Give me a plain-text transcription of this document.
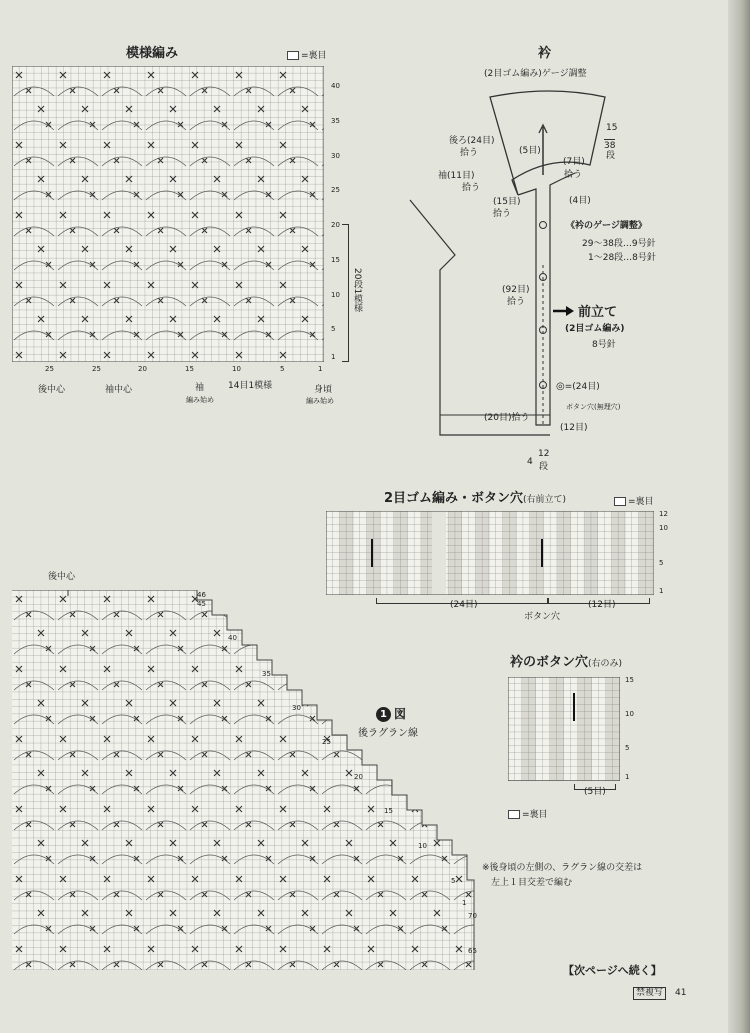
模様編み	=裏目
40
35
30
25
20
15
10
5
1
20段1模様
25	25	20	15	10	5	1
後中心	袖中心	袖
編み始め
14目1模様	身頃
編み始め
衿
(2目ゴム編み)ゲージ調整
後ろ(24目)
拾う
袖(11目)
拾う
(5目)
(7目)
拾う
(4目)
(15目)
拾う
15
38
段
《衿のゲージ調整》
29〜38段…9号針
1〜28段…8号針
(92目)
拾う
前立て
(2目ゴム編み)
8号針
◎=(24目)
ボタン穴(無理穴)
(20目)拾う
(12目)
4
12
段
2目ゴム編み・ボタン穴(右前立て)	=裏目
12
10
5
1
(24目)	(12目)
ボタン穴
衿のボタン穴(右のみ)
15
10
5
1
(5目)
=裏目
後中心
46
45
40
35
30
25
20
15
10
5
1
70
65
1 図
後ラグラン線
※後身頃の左側の、ラグラン線の交差は
左上１目交差で編む
【次ページへ続く】
禁複写	41
